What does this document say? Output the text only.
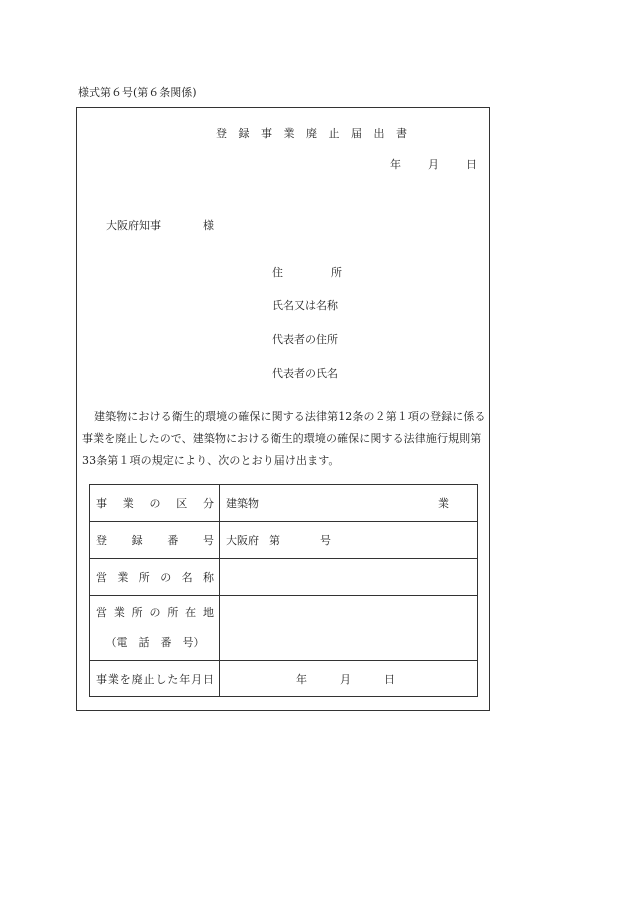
様式第６号(第６条関係)
登 録 事 業 廃 止 届 出 書
年 月 日
大阪府知事	様
住	所
氏名又は名称
代表者の住所
代表者の氏名
建築物における衛生的環境の確保に関する法律第12条の２第１項の登録に係る事業を廃止したので、建築物における衛生的環境の確保に関する法律施行規則第33条第１項の規定により、次のとおり届け出ます。
事業の区分	建築物 業

登録番号	大阪府 第 号
営業所の名称	
営業所の所在地
（電  話  番  号）	

事業を廃止した年月日	年 月 日
